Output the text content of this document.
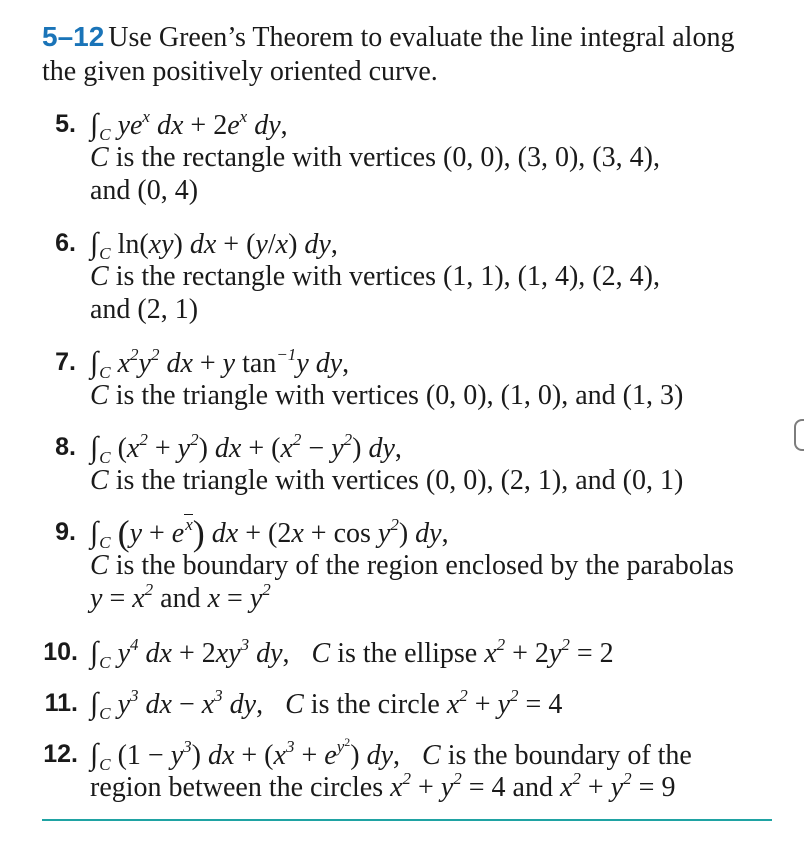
5–12 Use Green’s Theorem to evaluate the line integral along the given positively oriented curve.
5. $\int_C$ $ye^x$ dx + $2e^x$ dy,
C is the rectangle with vertices (0, 0), (3, 0), (3, 4),
and (0, 4)
6. $\int_C$ ln(xy) dx + (y/x) dy,
C is the rectangle with vertices (1, 1), (1, 4), (2, 4),
and (2, 1)
7. $\int_C$ $x^2y^2$ dx + y $\tan^{-1}y$ dy,
C is the triangle with vertices (0, 0), (1, 0), and (1, 3)
8. $\int_C$ $(x^2 + y^2)$ dx + $(x^2 - y^2)$ dy,
C is the triangle with vertices (0, 0), (2, 1), and (0, 1)
9. $\int_C$ $(y + e^x)$ dx + $(2x + \cos y^2)$ dy,
C is the boundary of the region enclosed by the parabolas
$y = x^2$ and $x = y^2$
10. $\int_C$ $y^4$ dx + $2xy^3$ dy, C is the ellipse $x^2 + 2y^2 = 2$
11. $\int_C$ $y^3$ dx − $x^3$ dy, C is the circle $x^2 + y^2 = 4$
12. $\int_C$ $(1 - y^3)$ dx + $(x^3 + e^{y^2})$ dy, C is the boundary of the
region between the circles $x^2 + y^2 = 4$ and $x^2 + y^2 = 9$
